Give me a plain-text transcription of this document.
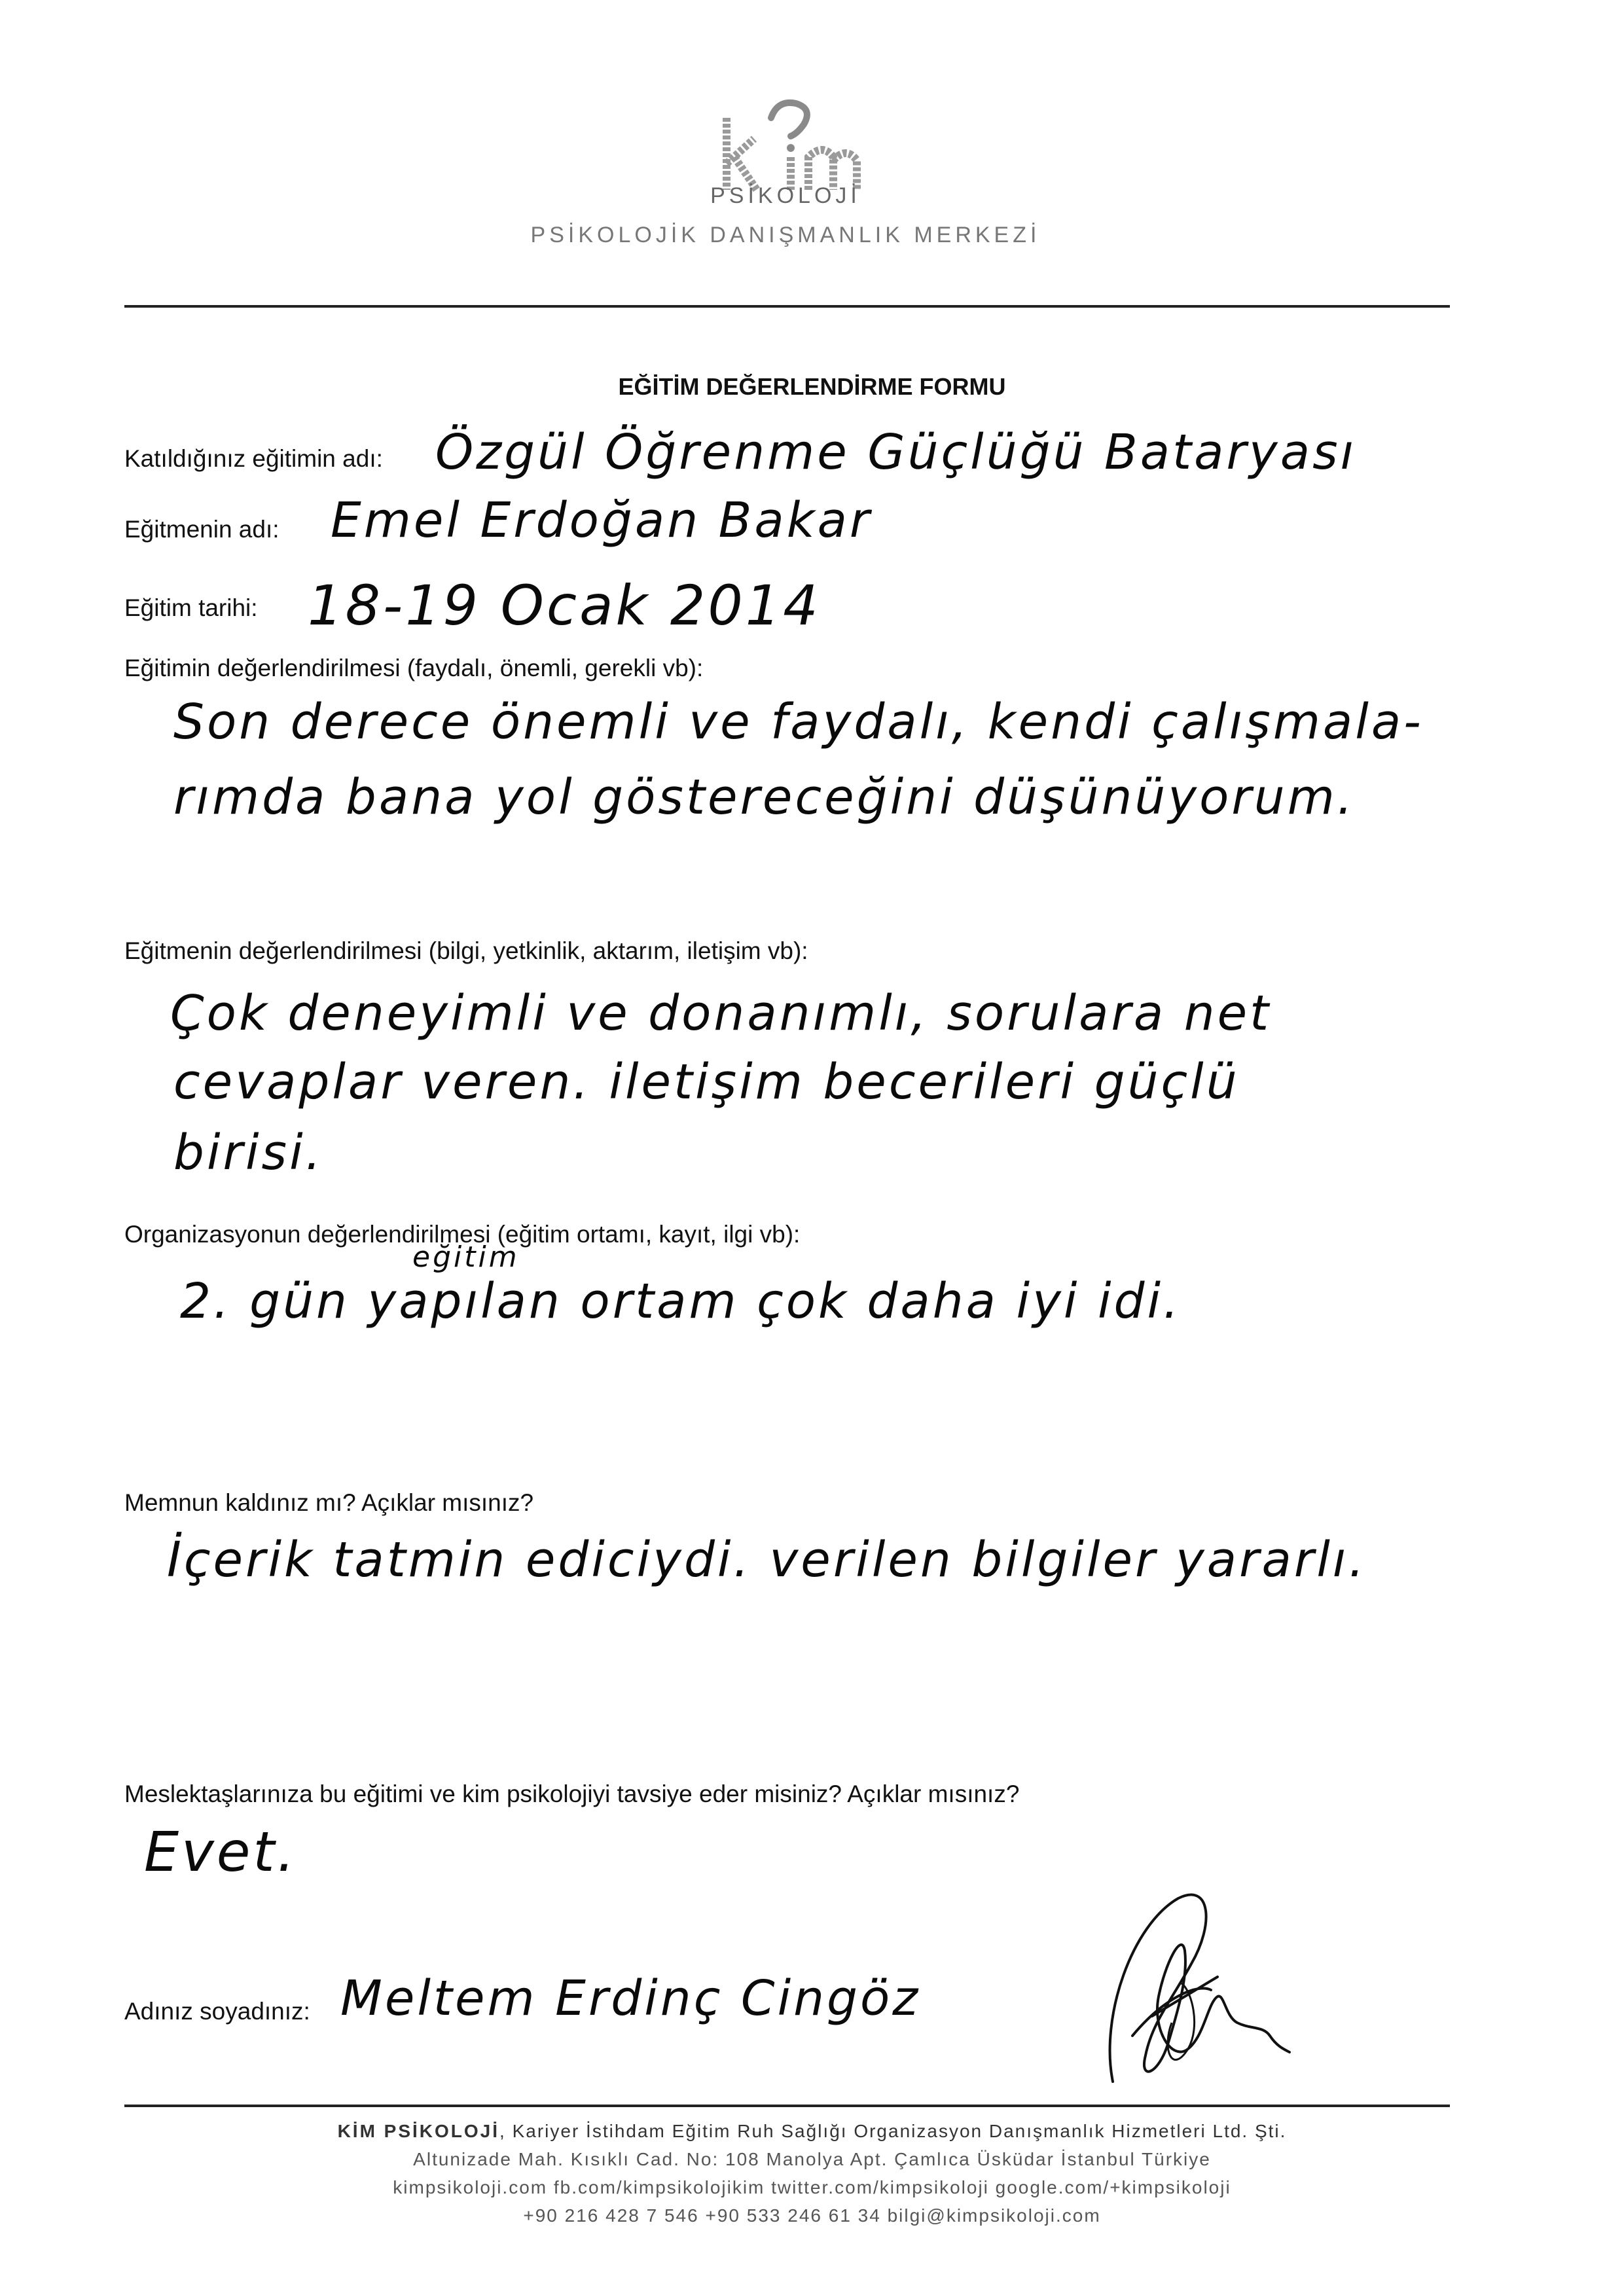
PSİKOLOJİ
PSİKOLOJİK DANIŞMANLIK MERKEZİ
EĞİTİM DEĞERLENDİRME FORMU
Katıldığınız eğitimin adı: Özgül Öğrenme Güçlüğü Bataryası
Eğitmenin adı: Emel Erdoğan Bakar
Eğitim tarihi: 18-19 Ocak 2014
Eğitimin değerlendirilmesi (faydalı, önemli, gerekli vb):
Son derece önemli ve faydalı, kendi çalışmala-
rımda bana yol göstereceğini düşünüyorum.
Eğitmenin değerlendirilmesi (bilgi, yetkinlik, aktarım, iletişim vb):
Çok deneyimli ve donanımlı, sorulara net
cevaplar veren. iletişim becerileri güçlü
birisi.
Organizasyonun değerlendirilmesi (eğitim ortamı, kayıt, ilgi vb):
eğitim
2. gün yapılan ortam çok daha iyi idi.
Memnun kaldınız mı? Açıklar mısınız?
İçerik tatmin ediciydi. verilen bilgiler yararlı.
Meslektaşlarınıza bu eğitimi ve kim psikolojiyi tavsiye eder misiniz? Açıklar mısınız?
Evet.
Adınız soyadınız: Meltem Erdinç Cingöz
KİM PSİKOLOJİ, Kariyer İstihdam Eğitim Ruh Sağlığı Organizasyon Danışmanlık Hizmetleri Ltd. Şti.
Altunizade Mah. Kısıklı Cad. No: 108 Manolya Apt. Çamlıca Üsküdar İstanbul Türkiye
kimpsikoloji.com fb.com/kimpsikolojikim twitter.com/kimpsikoloji google.com/+kimpsikoloji
+90 216 428 7 546 +90 533 246 61 34 bilgi@kimpsikoloji.com
